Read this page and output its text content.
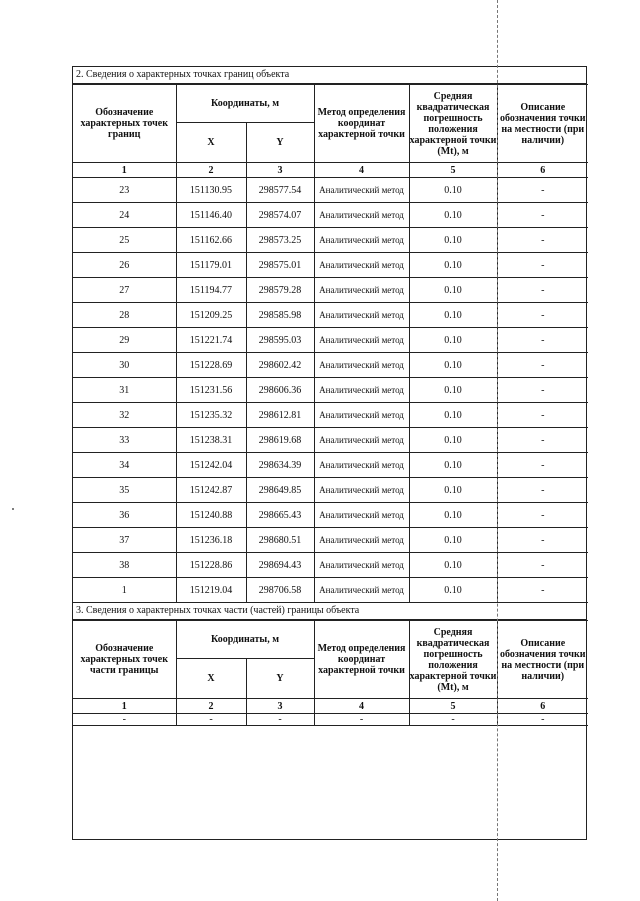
2. Сведения о характерных точках границ объекта
Обозначение характерных точек границ	Координаты, м		Метод определения координат характерной точки	Средняя квадратическая погрешность положения характерной точки (Mt), м	Описание обозначения точки на местности (при наличии)
	X	Y			
1	2	3	4	5	6
23	151130.95	298577.54	Аналитический метод	0.10	-
24	151146.40	298574.07	Аналитический метод	0.10	-
25	151162.66	298573.25	Аналитический метод	0.10	-
26	151179.01	298575.01	Аналитический метод	0.10	-
27	151194.77	298579.28	Аналитический метод	0.10	-
28	151209.25	298585.98	Аналитический метод	0.10	-
29	151221.74	298595.03	Аналитический метод	0.10	-
30	151228.69	298602.42	Аналитический метод	0.10	-
31	151231.56	298606.36	Аналитический метод	0.10	-
32	151235.32	298612.81	Аналитический метод	0.10	-
33	151238.31	298619.68	Аналитический метод	0.10	-
34	151242.04	298634.39	Аналитический метод	0.10	-
35	151242.87	298649.85	Аналитический метод	0.10	-
36	151240.88	298665.43	Аналитический метод	0.10	-
37	151236.18	298680.51	Аналитический метод	0.10	-
38	151228.86	298694.43	Аналитический метод	0.10	-
1	151219.04	298706.58	Аналитический метод	0.10	-
3. Сведения о характерных точках части (частей) границы объекта
Обозначение характерных точек части границы	Координаты, м		Метод определения координат характерной точки	Средняя квадратическая погрешность положения характерной точки (Mt), м	Описание обозначения точки на местности (при наличии)
	X	Y			
1	2	3	4	5	6
-	-	-	-	-	-
